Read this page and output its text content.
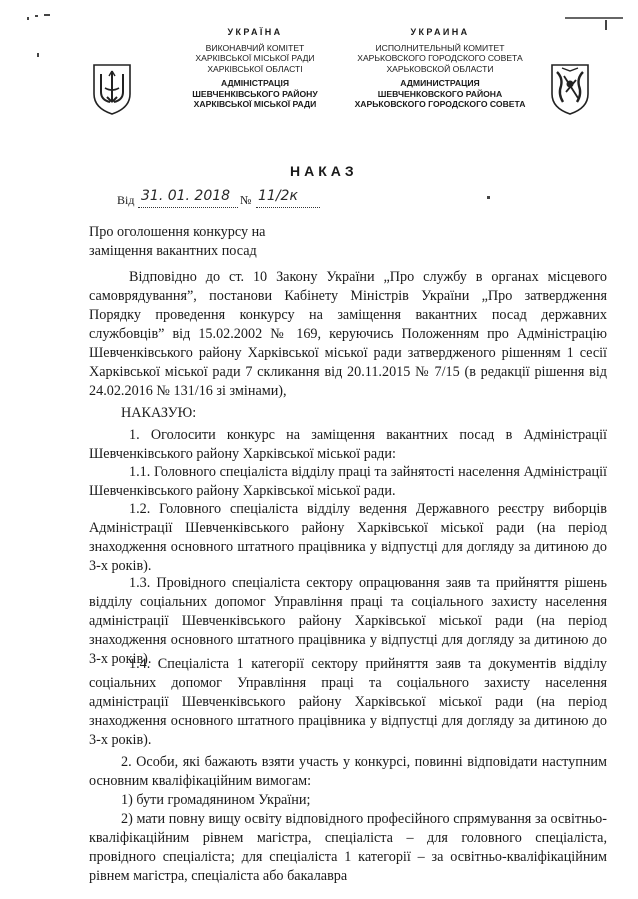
УКРАЇНА
ВИКОНАВЧИЙ КОМІТЕТ
ХАРКІВСЬКОЇ МІСЬКОЇ РАДИ
ХАРКІВСЬКОЇ ОБЛАСТІ
АДМІНІСТРАЦІЯ
ШЕВЧЕНКІВСЬКОГО РАЙОНУ
ХАРКІВСЬКОЇ МІСЬКОЇ РАДИ
УКРАИНА
ИСПОЛНИТЕЛЬНЫЙ КОМИТЕТ
ХАРЬКОВСКОГО ГОРОДСКОГО СОВЕТА
ХАРЬКОВСКОЙ ОБЛАСТИ
АДМИНИСТРАЦИЯ
ШЕВЧЕНКОВСКОГО РАЙОНА
ХАРЬКОВСКОГО ГОРОДСКОГО СОВЕТА
НАКАЗ
Від 31. 01. 2018 № 11/2к
Про оголошення конкурсу на
заміщення вакантних посад

Відповідно до ст. 10 Закону України „Про службу в органах місцевого самоврядування”, постанови Кабінету Міністрів України „Про затвердження Порядку проведення конкурсу на заміщення вакантних посад державних службовців” від 15.02.2002 № 169, керуючись Положенням про Адміністрацію Шевченківського району Харківської міської ради затвердженого рішенням 1 сесії Харківської міської ради 7 скликання від 20.11.2015 № 7/15 (в редакції рішення від 24.02.2016 № 131/16 зі змінами),

НАКАЗУЮ:

1. Оголосити конкурс на заміщення вакантних посад в Адміністрації Шевченківського району Харківської міської ради:

1.1. Головного спеціаліста відділу праці та зайнятості населення Адміністрації Шевченківського району Харківської міської ради.

1.2. Головного спеціаліста відділу ведення Державного реєстру виборців Адміністрації Шевченківського району Харківської міської ради (на період знаходження основного штатного працівника у відпустці для догляду за дитиною до 3-х років).

1.3. Провідного спеціаліста сектору опрацювання заяв та прийняття рішень відділу соціальних допомог Управління праці та соціального захисту населення адміністрації Шевченківського району Харківської міської ради (на період знаходження основного штатного працівника у відпустці для догляду за дитиною до 3-х років).

1.4. Спеціаліста 1 категорії сектору прийняття заяв та документів відділу соціальних допомог Управління праці та соціального захисту населення адміністрації Шевченківського району Харківської міської ради (на період знаходження основного штатного працівника у відпустці для догляду за дитиною до 3-х років).

2. Особи, які бажають взяти участь у конкурсі, повинні відповідати наступним основним кваліфікаційним вимогам:

1) бути громадянином України;

2) мати повну вищу освіту відповідного професійного спрямування за освітньо-кваліфікаційним рівнем магістра, спеціаліста – для головного спеціаліста, провідного спеціаліста; для спеціаліста 1 категорії – за освітньо-кваліфікаційним рівнем магістра, спеціаліста або бакалавра
